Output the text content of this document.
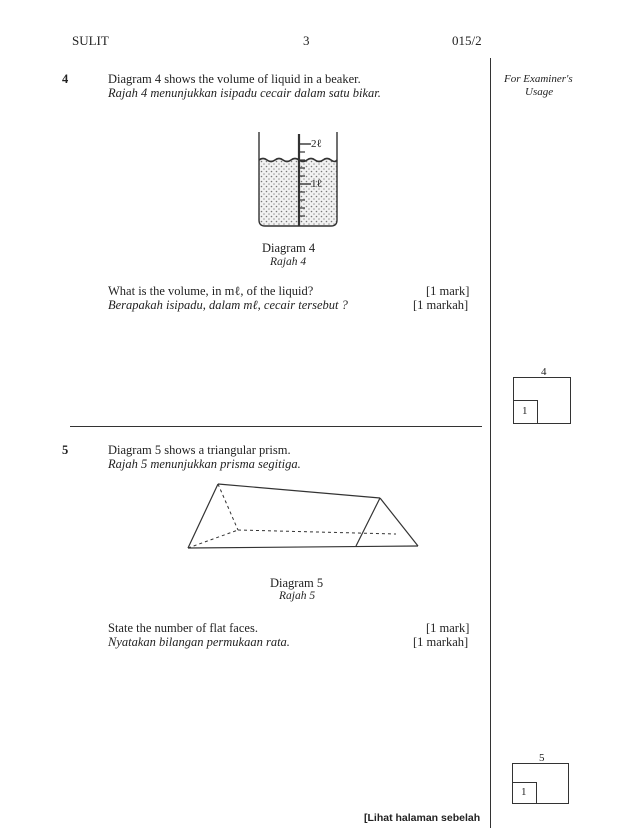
SULIT	3	015/2
For Examiner's
Usage
4	Diagram 4 shows the volume of liquid in a beaker.
Rajah 4 menunjukkan isipadu cecair dalam satu bikar.
2ℓ
1ℓ
Diagram 4
Rajah 4
What is the volume, in mℓ, of the liquid?
Berapakah isipadu, dalam mℓ, cecair tersebut ?
[1 mark]
[1 markah]
4
1
5	Diagram 5 shows a triangular prism.
Rajah 5 menunjukkan prisma segitiga.
Diagram 5
Rajah 5
State the number of flat faces.
Nyatakan bilangan permukaan rata.
[1 mark]
[1 markah]
5
1
[Lihat halaman sebelah
